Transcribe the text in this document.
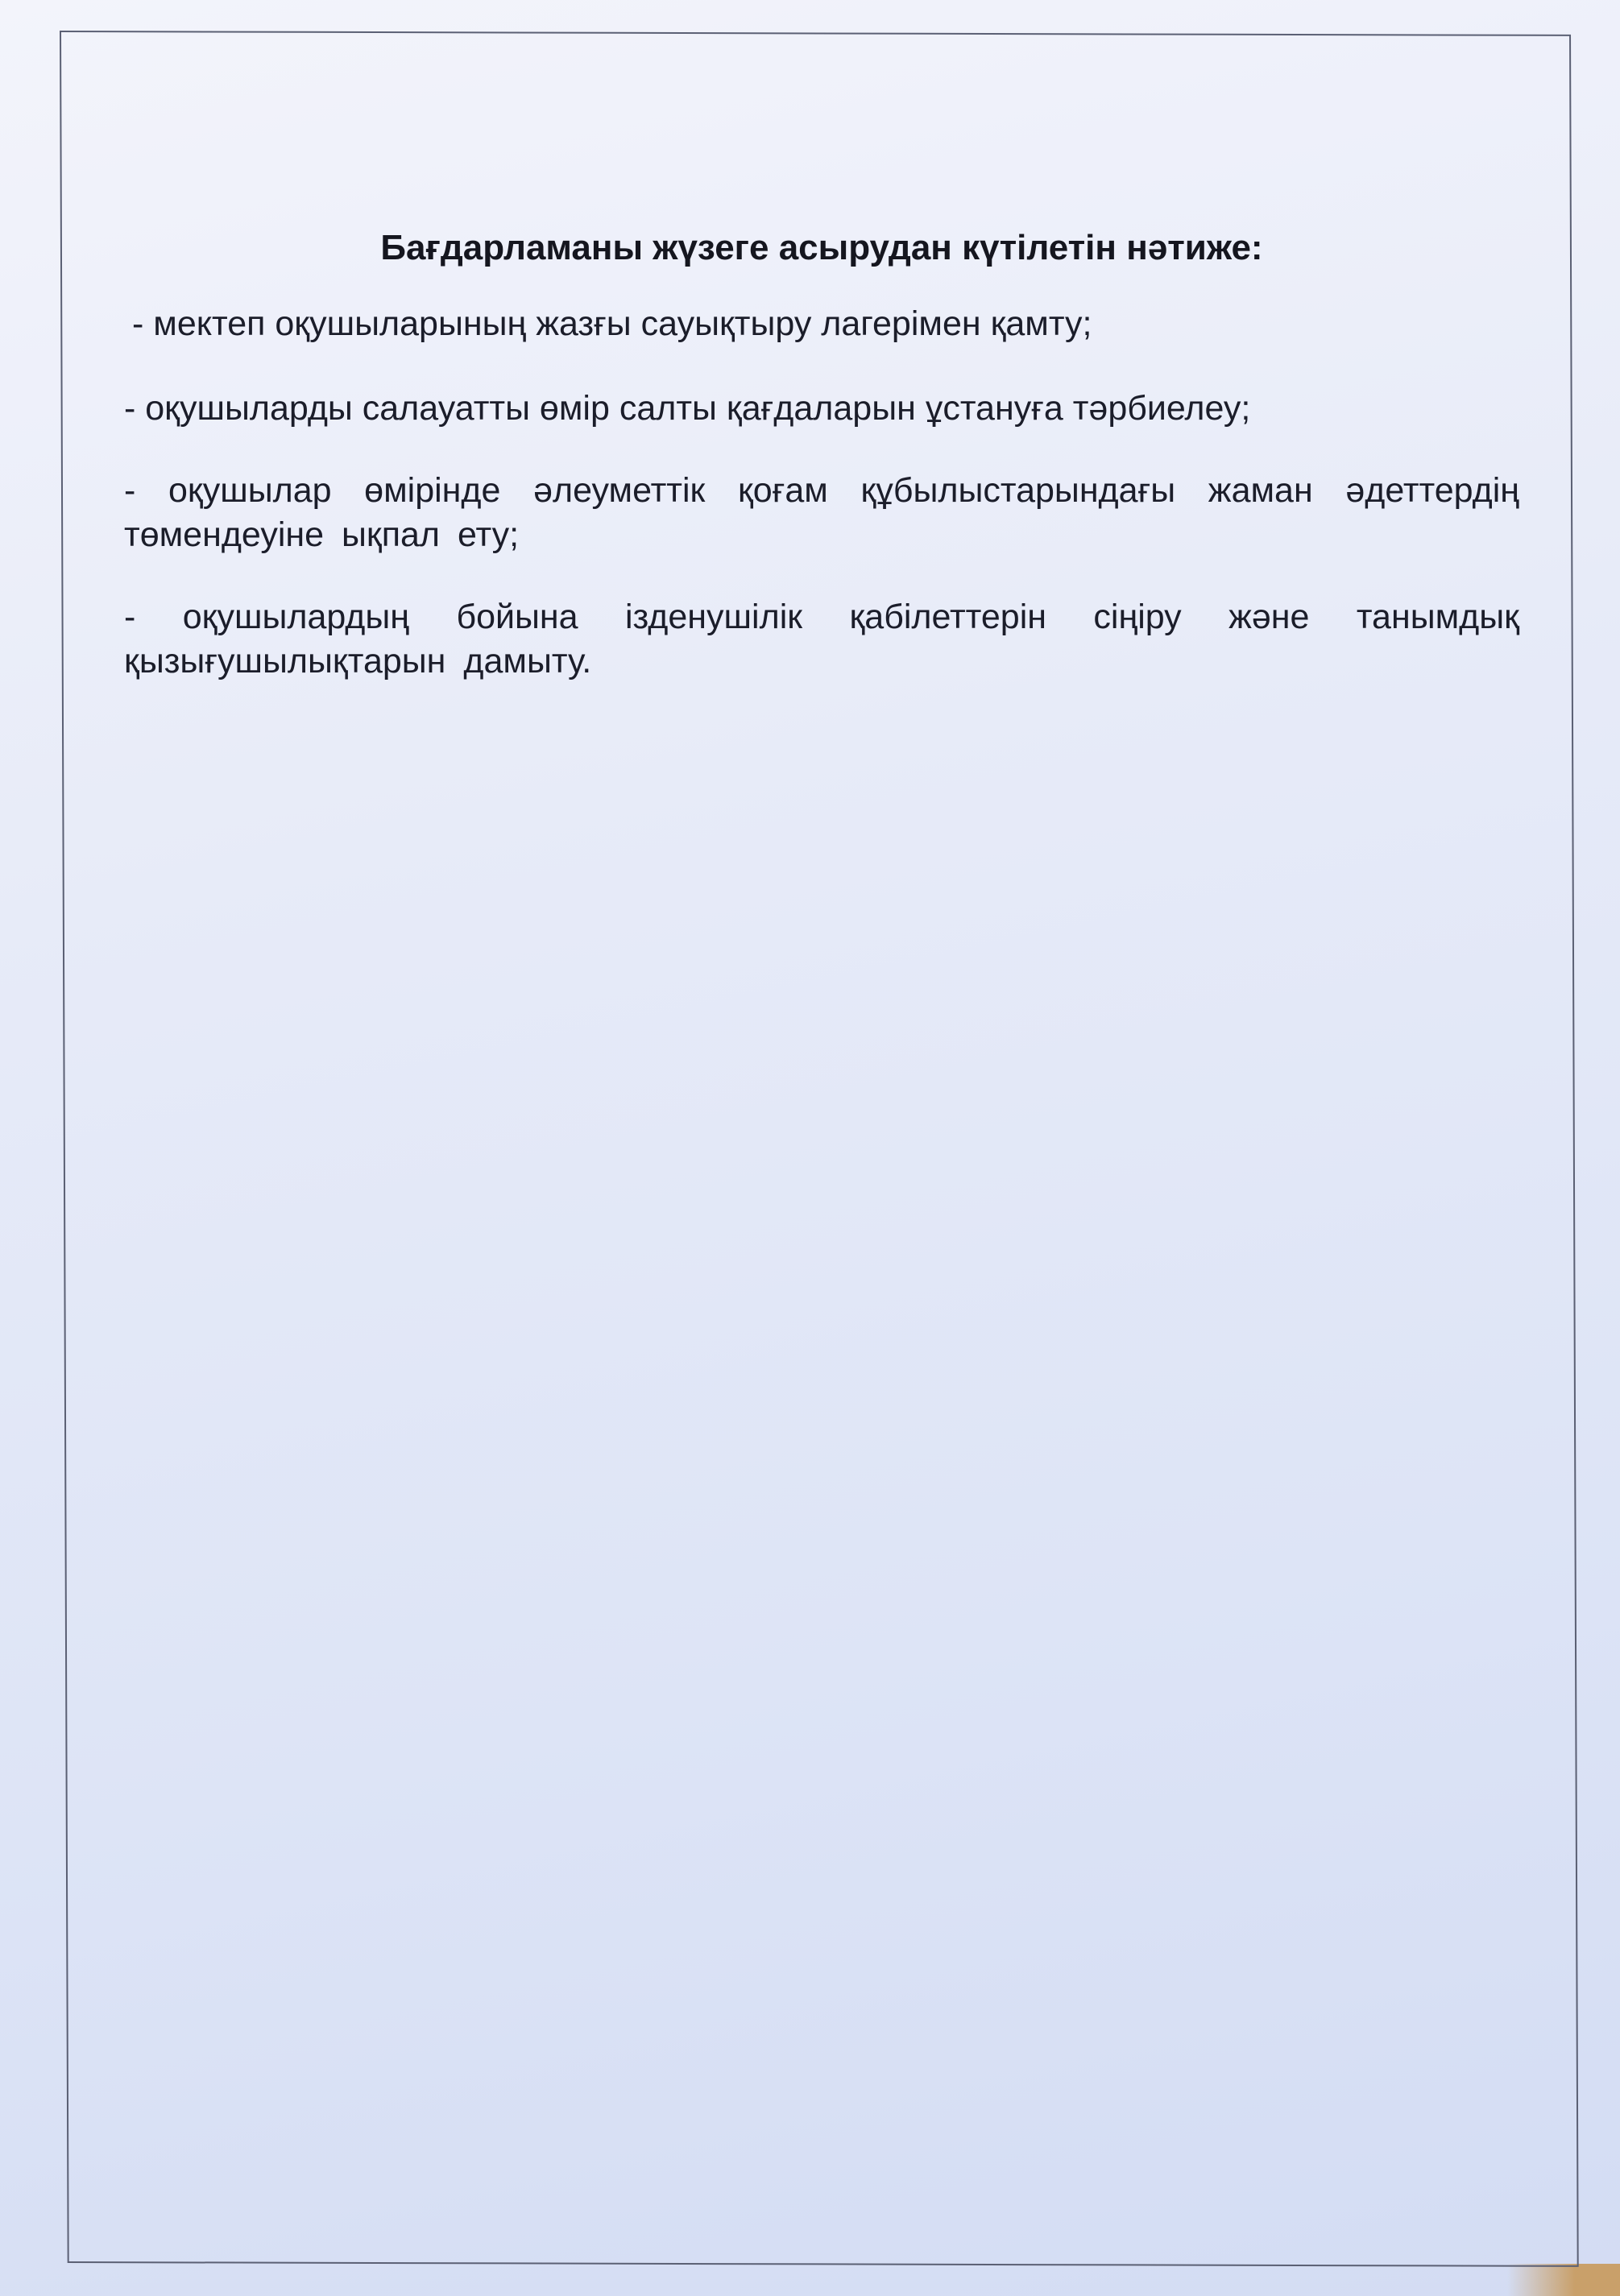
Бағдарламаны жүзеге асырудан күтілетін нәтиже:

- мектеп оқушыларының жазғы сауықтыру лагерімен қамту;

- оқушыларды салауатты өмір салты қағдаларын ұстануға тәрбиелеу;

- оқушылар өмірінде әлеуметтік қоғам құбылыстарындағы жаман әдеттердің төмендеуіне ықпал ету;

- оқушылардың бойына ізденушілік қабілеттерін сіңіру және танымдық қызығушылықтарын дамыту.
